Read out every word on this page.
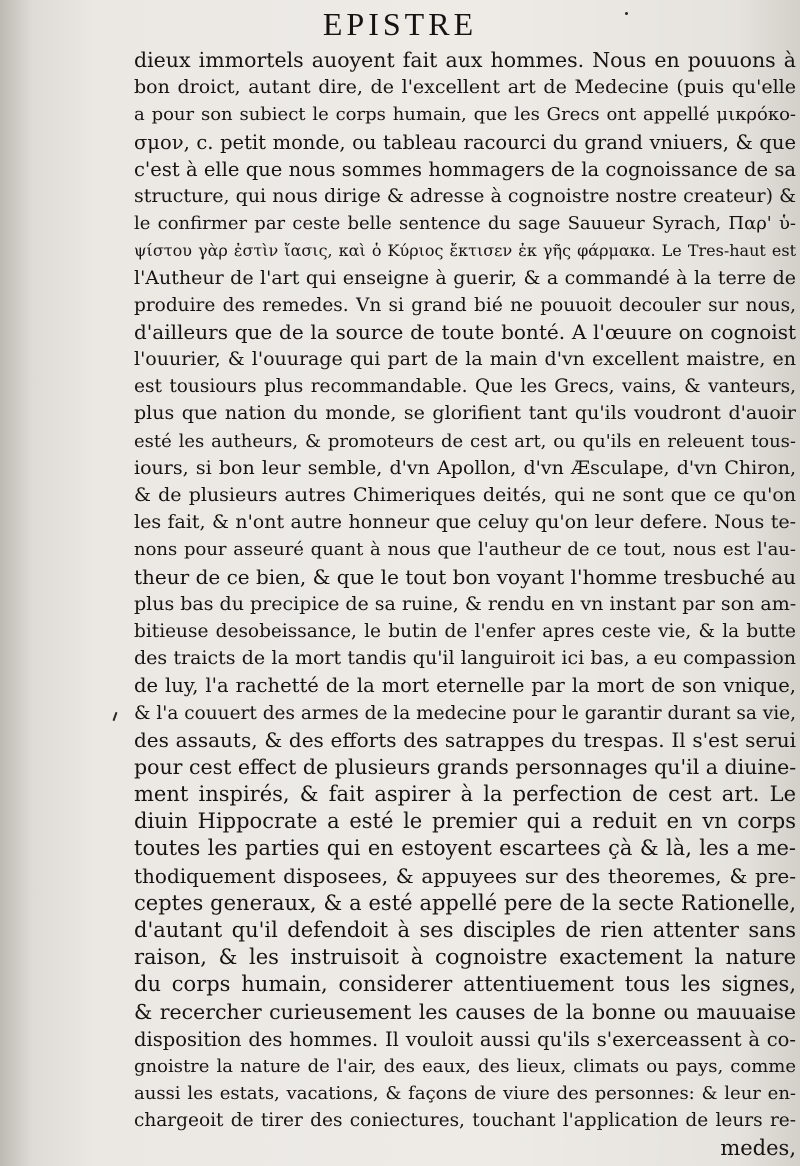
EPISTRE
dieux immortels auoyent fait aux hommes. Nous en pouuons à
bon droict, autant dire, de l'excellent art de Medecine (puis qu'elle
a pour son subiect le corps humain, que les Grecs ont appellé μικρόκο-
σμον, c. petit monde, ou tableau racourci du grand vniuers, & que
c'est à elle que nous sommes hommagers de la cognoissance de sa
structure, qui nous dirige & adresse à cognoistre nostre createur) &
le confirmer par ceste belle sentence du sage Sauueur Syrach, Παρ' ὑ-
ψίστου γὰρ ἐστὶν ἴασις, καὶ ὁ Κύριος ἔκτισεν ἐκ γῆς φάρμακα. Le Tres-haut est
l'Autheur de l'art qui enseigne à guerir, & a commandé à la terre de
produire des remedes. Vn si grand bié ne pouuoit decouler sur nous,
d'ailleurs que de la source de toute bonté. A l'œuure on cognoist
l'ouurier, & l'ouurage qui part de la main d'vn excellent maistre, en
est tousiours plus recommandable. Que les Grecs, vains, & vanteurs,
plus que nation du monde, se glorifient tant qu'ils voudront d'auoir
esté les autheurs, & promoteurs de cest art, ou qu'ils en releuent tous-
iours, si bon leur semble, d'vn Apollon, d'vn Æsculape, d'vn Chiron,
& de plusieurs autres Chimeriques deités, qui ne sont que ce qu'on
les fait, & n'ont autre honneur que celuy qu'on leur defere. Nous te-
nons pour asseuré quant à nous que l'autheur de ce tout, nous est l'au-
theur de ce bien, & que le tout bon voyant l'homme tresbuché au
plus bas du precipice de sa ruine, & rendu en vn instant par son am-
bitieuse desobeissance, le butin de l'enfer apres ceste vie, & la butte
des traicts de la mort tandis qu'il languiroit ici bas, a eu compassion
de luy, l'a rachetté de la mort eternelle par la mort de son vnique,
& l'a couuert des armes de la medecine pour le garantir durant sa vie,
des assauts, & des efforts des satrappes du trespas. Il s'est serui
pour cest effect de plusieurs grands personnages qu'il a diuine-
ment inspirés, & fait aspirer à la perfection de cest art. Le
diuin Hippocrate a esté le premier qui a reduit en vn corps
toutes les parties qui en estoyent escartees çà & là, les a me-
thodiquement disposees, & appuyees sur des theoremes, & pre-
ceptes generaux, & a esté appellé pere de la secte Rationelle,
d'autant qu'il defendoit à ses disciples de rien attenter sans
raison, & les instruisoit à cognoistre exactement la nature
du corps humain, considerer attentiuement tous les signes,
& recercher curieusement les causes de la bonne ou mauuaise
disposition des hommes. Il vouloit aussi qu'ils s'exerceassent à co-
gnoistre la nature de l'air, des eaux, des lieux, climats ou pays, comme
aussi les estats, vacations, & façons de viure des personnes: & leur en-
chargeoit de tirer des coniectures, touchant l'application de leurs re-
medes,
